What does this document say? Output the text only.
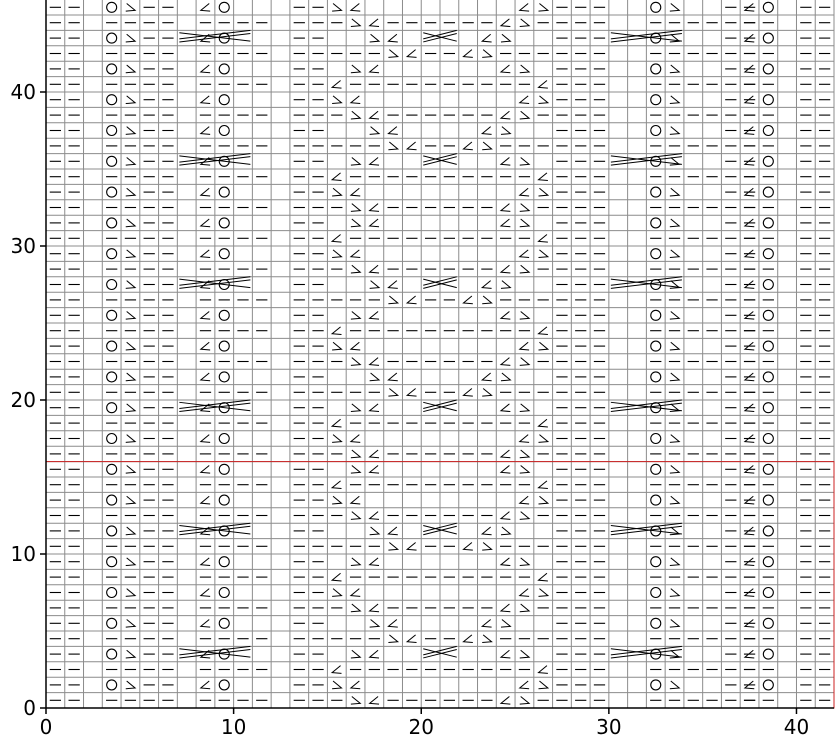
0	10	20	30	40
0
10
20
30
40
